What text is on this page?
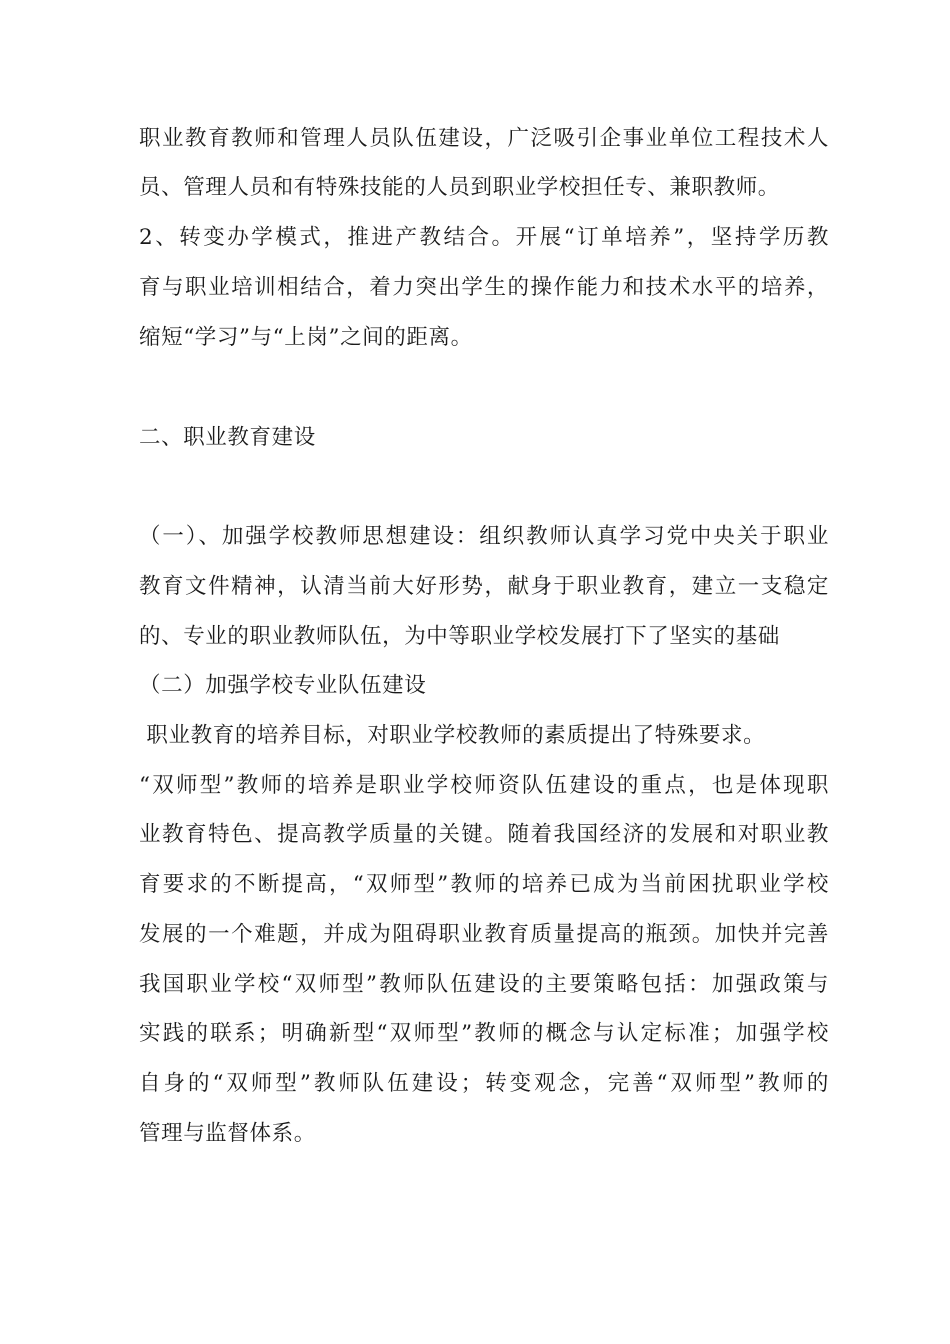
职业教育教师和管理人员队伍建设，广泛吸引企事业单位工程技术人
员、管理人员和有特殊技能的人员到职业学校担任专、兼职教师。
2、转变办学模式，推进产教结合。开展“订单培养”，坚持学历教
育与职业培训相结合，着力突出学生的操作能力和技术水平的培养，
缩短“学习”与“上岗”之间的距离。
二、职业教育建设
（一）、加强学校教师思想建设：组织教师认真学习党中央关于职业
教育文件精神，认清当前大好形势，献身于职业教育，建立一支稳定
的、专业的职业教师队伍，为中等职业学校发展打下了坚实的基础
（二）加强学校专业队伍建设
职业教育的培养目标，对职业学校教师的素质提出了特殊要求。
“双师型”教师的培养是职业学校师资队伍建设的重点，也是体现职
业教育特色、提高教学质量的关键。随着我国经济的发展和对职业教
育要求的不断提高，“双师型”教师的培养已成为当前困扰职业学校
发展的一个难题，并成为阻碍职业教育质量提高的瓶颈。加快并完善
我国职业学校“双师型”教师队伍建设的主要策略包括：加强政策与
实践的联系；明确新型“双师型”教师的概念与认定标准；加强学校
自身的“双师型”教师队伍建设；转变观念，完善“双师型”教师的
管理与监督体系。
